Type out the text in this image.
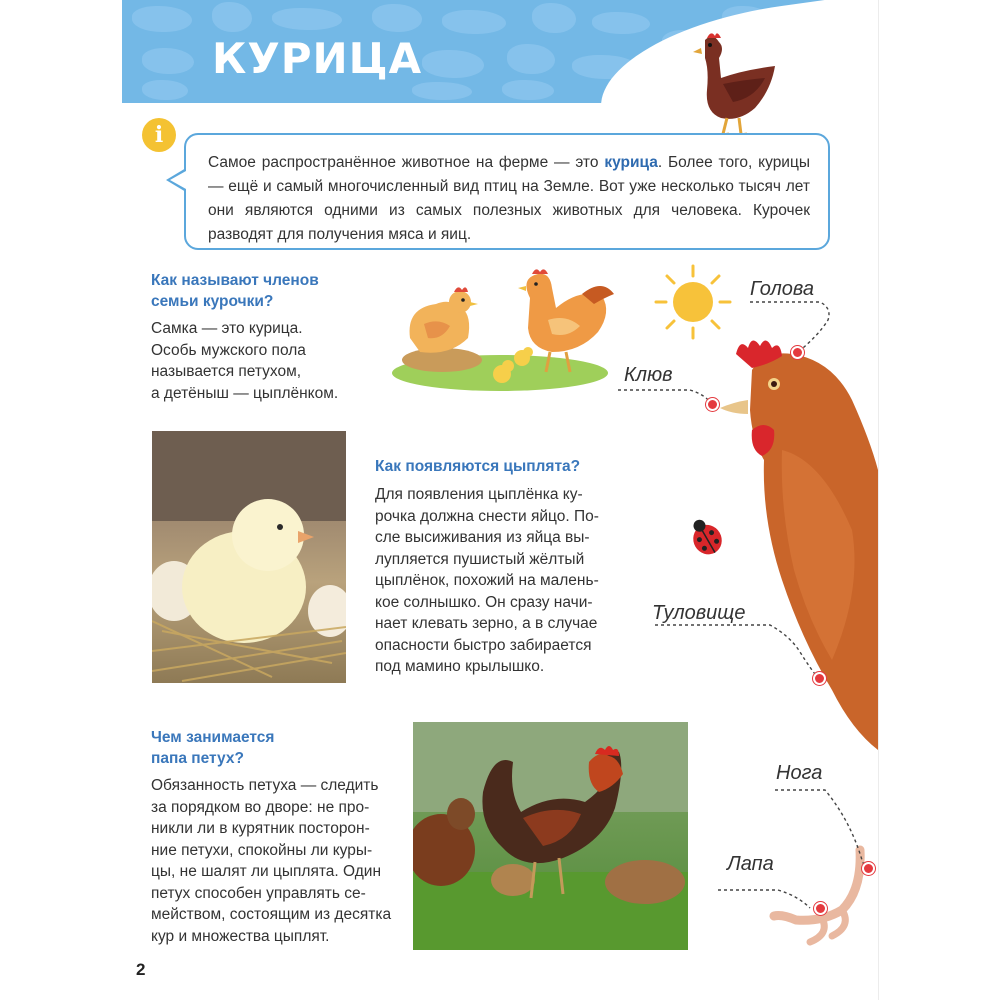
КУРИЦА
i
Самое распространённое животное на ферме — это курица. Более того, курицы — ещё и самый многочисленный вид птиц на Земле. Вот уже несколько тысяч лет они являются одними из самых полезных животных для человека. Курочек разводят для получения мяса и яиц.
Как называют членов
семьи курочки?
Самка — это курица.
Особь мужского пола
называется петухом,
а детёныш — цыплёнком.
Как появляются цыплята?
Для появления цыплёнка ку-
рочка должна снести яйцо. По-
сле высиживания из яйца вы-
лупляется пушистый жёлтый
цыплёнок, похожий на малень-
кое солнышко. Он сразу начи-
нает клевать зерно, а в случае
опасности быстро забирается
под мамино крылышко.
Чем занимается
папа петух?
Обязанность петуха — следить
за порядком во дворе: не про-
никли ли в курятник посторон-
ние петухи, спокойны ли куры-
цы, не шалят ли цыплята. Один
петух способен управлять се-
мейством, состоящим из десятка
кур и множества цыплят.
Голова
Клюв
Туловище
Нога
Лапа
2
